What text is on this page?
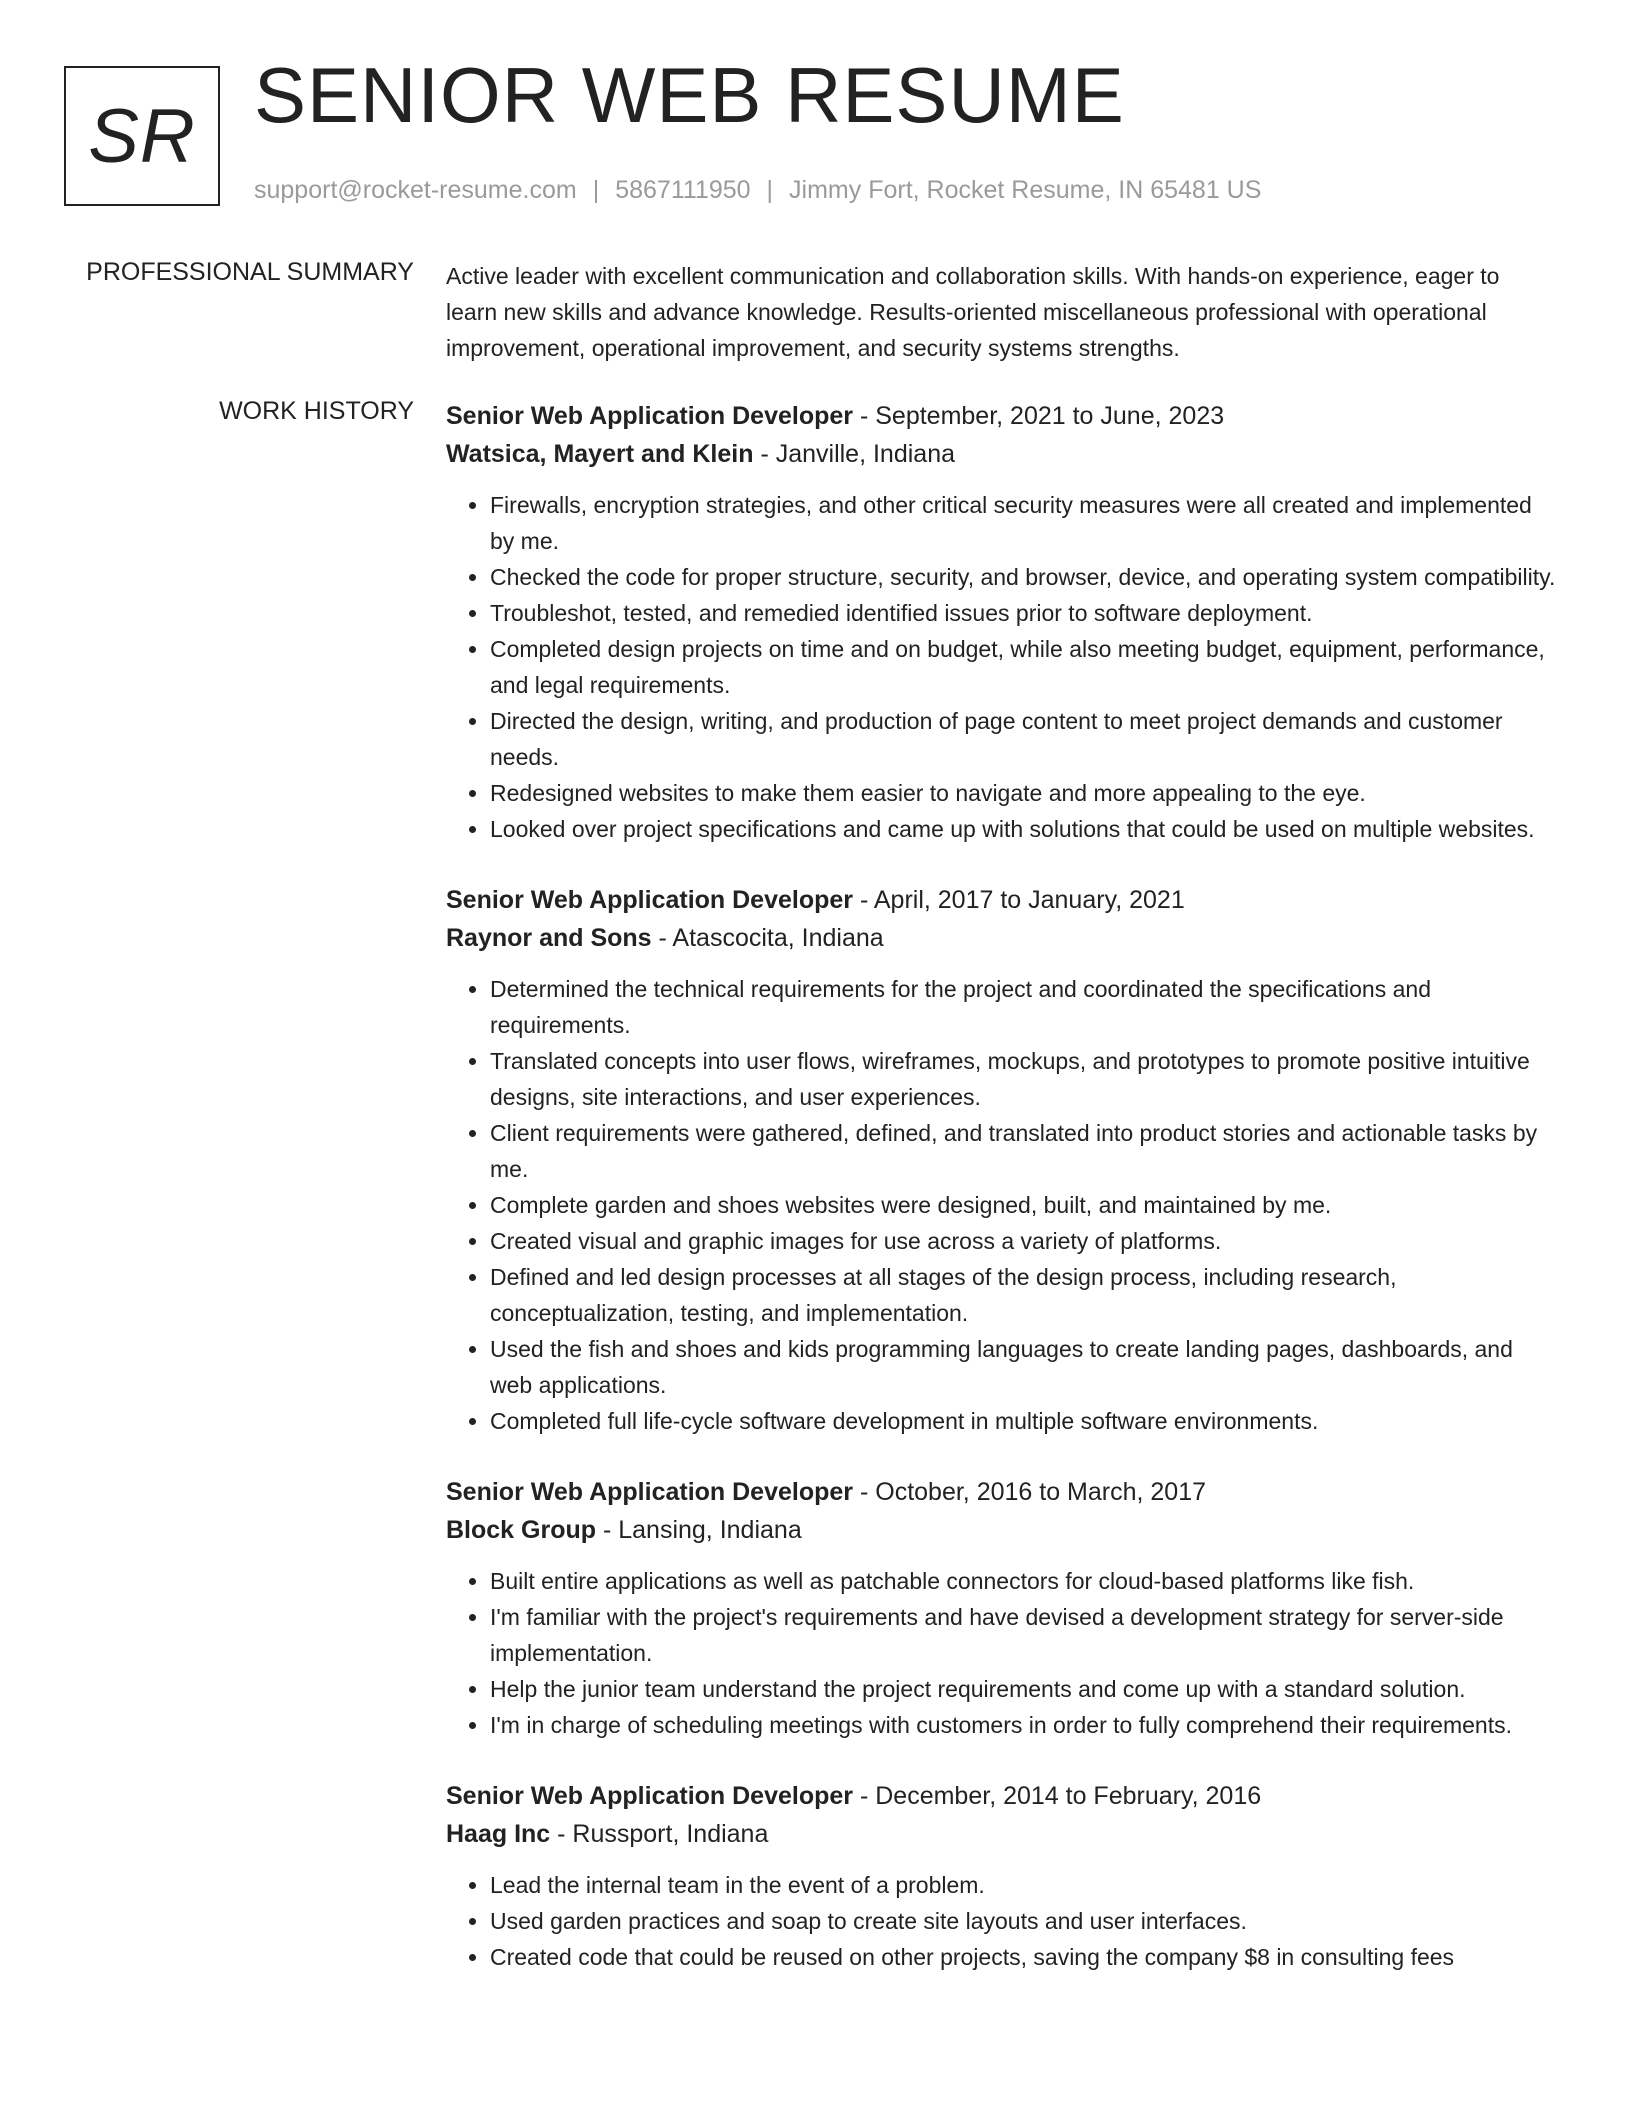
SR SENIOR WEB RESUME
support@rocket-resume.com | 5867111950 | Jimmy Fort, Rocket Resume, IN 65481 US
PROFESSIONAL SUMMARY Active leader with excellent communication and collaboration skills. With hands-on experience, eager to learn new skills and advance knowledge. Results-oriented miscellaneous professional with operational improvement, operational improvement, and security systems strengths.

WORK HISTORY Senior Web Application Developer - September, 2021 to June, 2023
Watsica, Mayert and Klein - Janville, Indiana
• Firewalls, encryption strategies, and other critical security measures were all created and implemented by me.
• Checked the code for proper structure, security, and browser, device, and operating system compatibility.
• Troubleshot, tested, and remedied identified issues prior to software deployment.
• Completed design projects on time and on budget, while also meeting budget, equipment, performance, and legal requirements.
• Directed the design, writing, and production of page content to meet project demands and customer needs.
• Redesigned websites to make them easier to navigate and more appealing to the eye.
• Looked over project specifications and came up with solutions that could be used on multiple websites.
Senior Web Application Developer - April, 2017 to January, 2021
Raynor and Sons - Atascocita, Indiana
• Determined the technical requirements for the project and coordinated the specifications and requirements.
• Translated concepts into user flows, wireframes, mockups, and prototypes to promote positive intuitive designs, site interactions, and user experiences.
• Client requirements were gathered, defined, and translated into product stories and actionable tasks by me.
• Complete garden and shoes websites were designed, built, and maintained by me.
• Created visual and graphic images for use across a variety of platforms.
• Defined and led design processes at all stages of the design process, including research, conceptualization, testing, and implementation.
• Used the fish and shoes and kids programming languages to create landing pages, dashboards, and web applications.
• Completed full life-cycle software development in multiple software environments.
Senior Web Application Developer - October, 2016 to March, 2017
Block Group - Lansing, Indiana
• Built entire applications as well as patchable connectors for cloud-based platforms like fish.
• I'm familiar with the project's requirements and have devised a development strategy for server-side implementation.
• Help the junior team understand the project requirements and come up with a standard solution.
• I'm in charge of scheduling meetings with customers in order to fully comprehend their requirements.
Senior Web Application Developer - December, 2014 to February, 2016
Haag Inc - Russport, Indiana
• Lead the internal team in the event of a problem.
• Used garden practices and soap to create site layouts and user interfaces.
• Created code that could be reused on other projects, saving the company $8 in consulting fees
